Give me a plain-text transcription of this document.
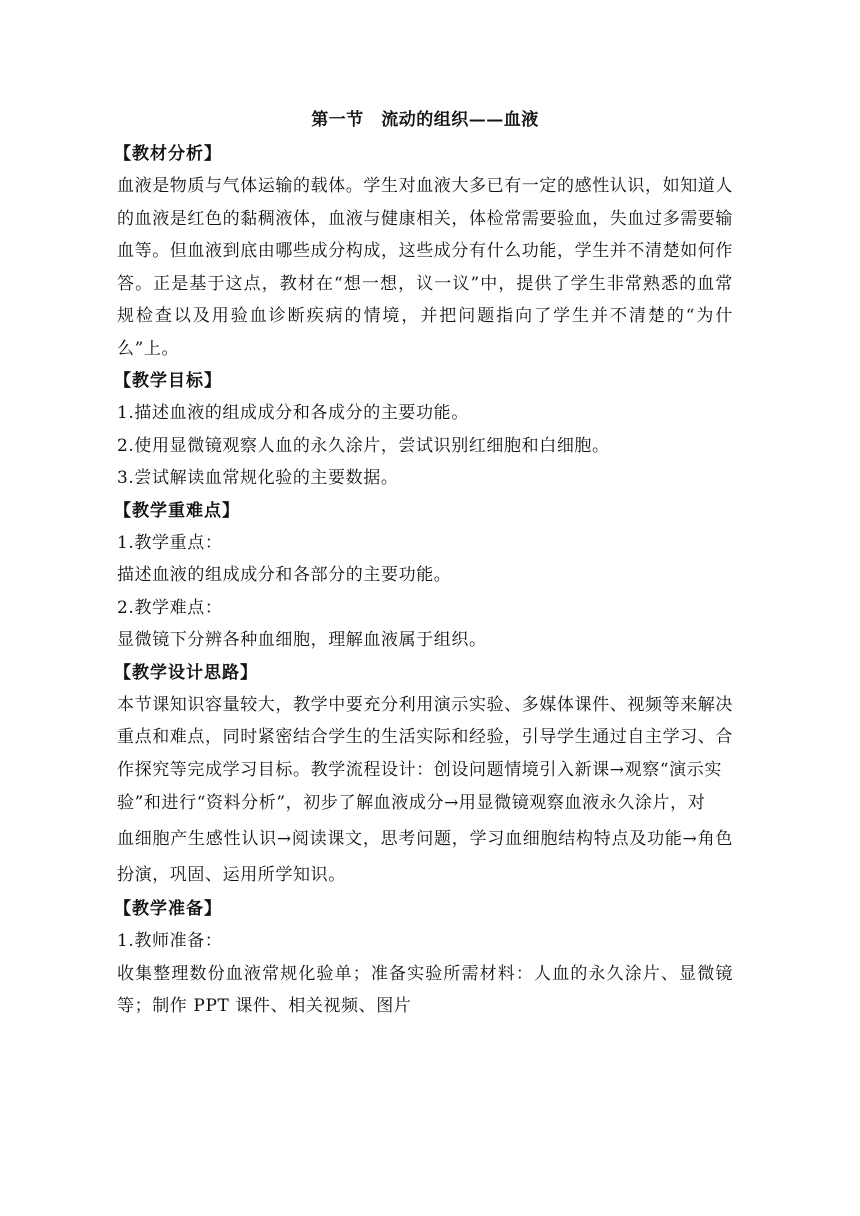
第一节　流动的组织——血液

【教材分析】

血液是物质与气体运输的载体。学生对血液大多已有一定的感性认识，如知道人的血液是红色的黏稠液体，血液与健康相关，体检常需要验血，失血过多需要输血等。但血液到底由哪些成分构成，这些成分有什么功能，学生并不清楚如何作答。正是基于这点，教材在“想一想，议一议”中，提供了学生非常熟悉的血常规检查以及用验血诊断疾病的情境，并把问题指向了学生并不清楚的“为什么”上。

【教学目标】

1.描述血液的组成成分和各成分的主要功能。

2.使用显微镜观察人血的永久涂片，尝试识别红细胞和白细胞。

3.尝试解读血常规化验的主要数据。

【教学重难点】

1.教学重点：

描述血液的组成成分和各部分的主要功能。

2.教学难点：

显微镜下分辨各种血细胞，理解血液属于组织。

【教学设计思路】

本节课知识容量较大，教学中要充分利用演示实验、多媒体课件、视频等来解决重点和难点，同时紧密结合学生的生活实际和经验，引导学生通过自主学习、合作探究等完成学习目标。教学流程设计：创设问题情境引入新课→观察“演示实

验”和进行“资料分析”，初步了解血液成分→用显微镜观察血液永久涂片，对

血细胞产生感性认识→阅读课文，思考问题，学习血细胞结构特点及功能→角色扮演，巩固、运用所学知识。

【教学准备】

1.教师准备：

收集整理数份血液常规化验单；准备实验所需材料：人血的永久涂片、显微镜等；制作 PPT 课件、相关视频、图片
